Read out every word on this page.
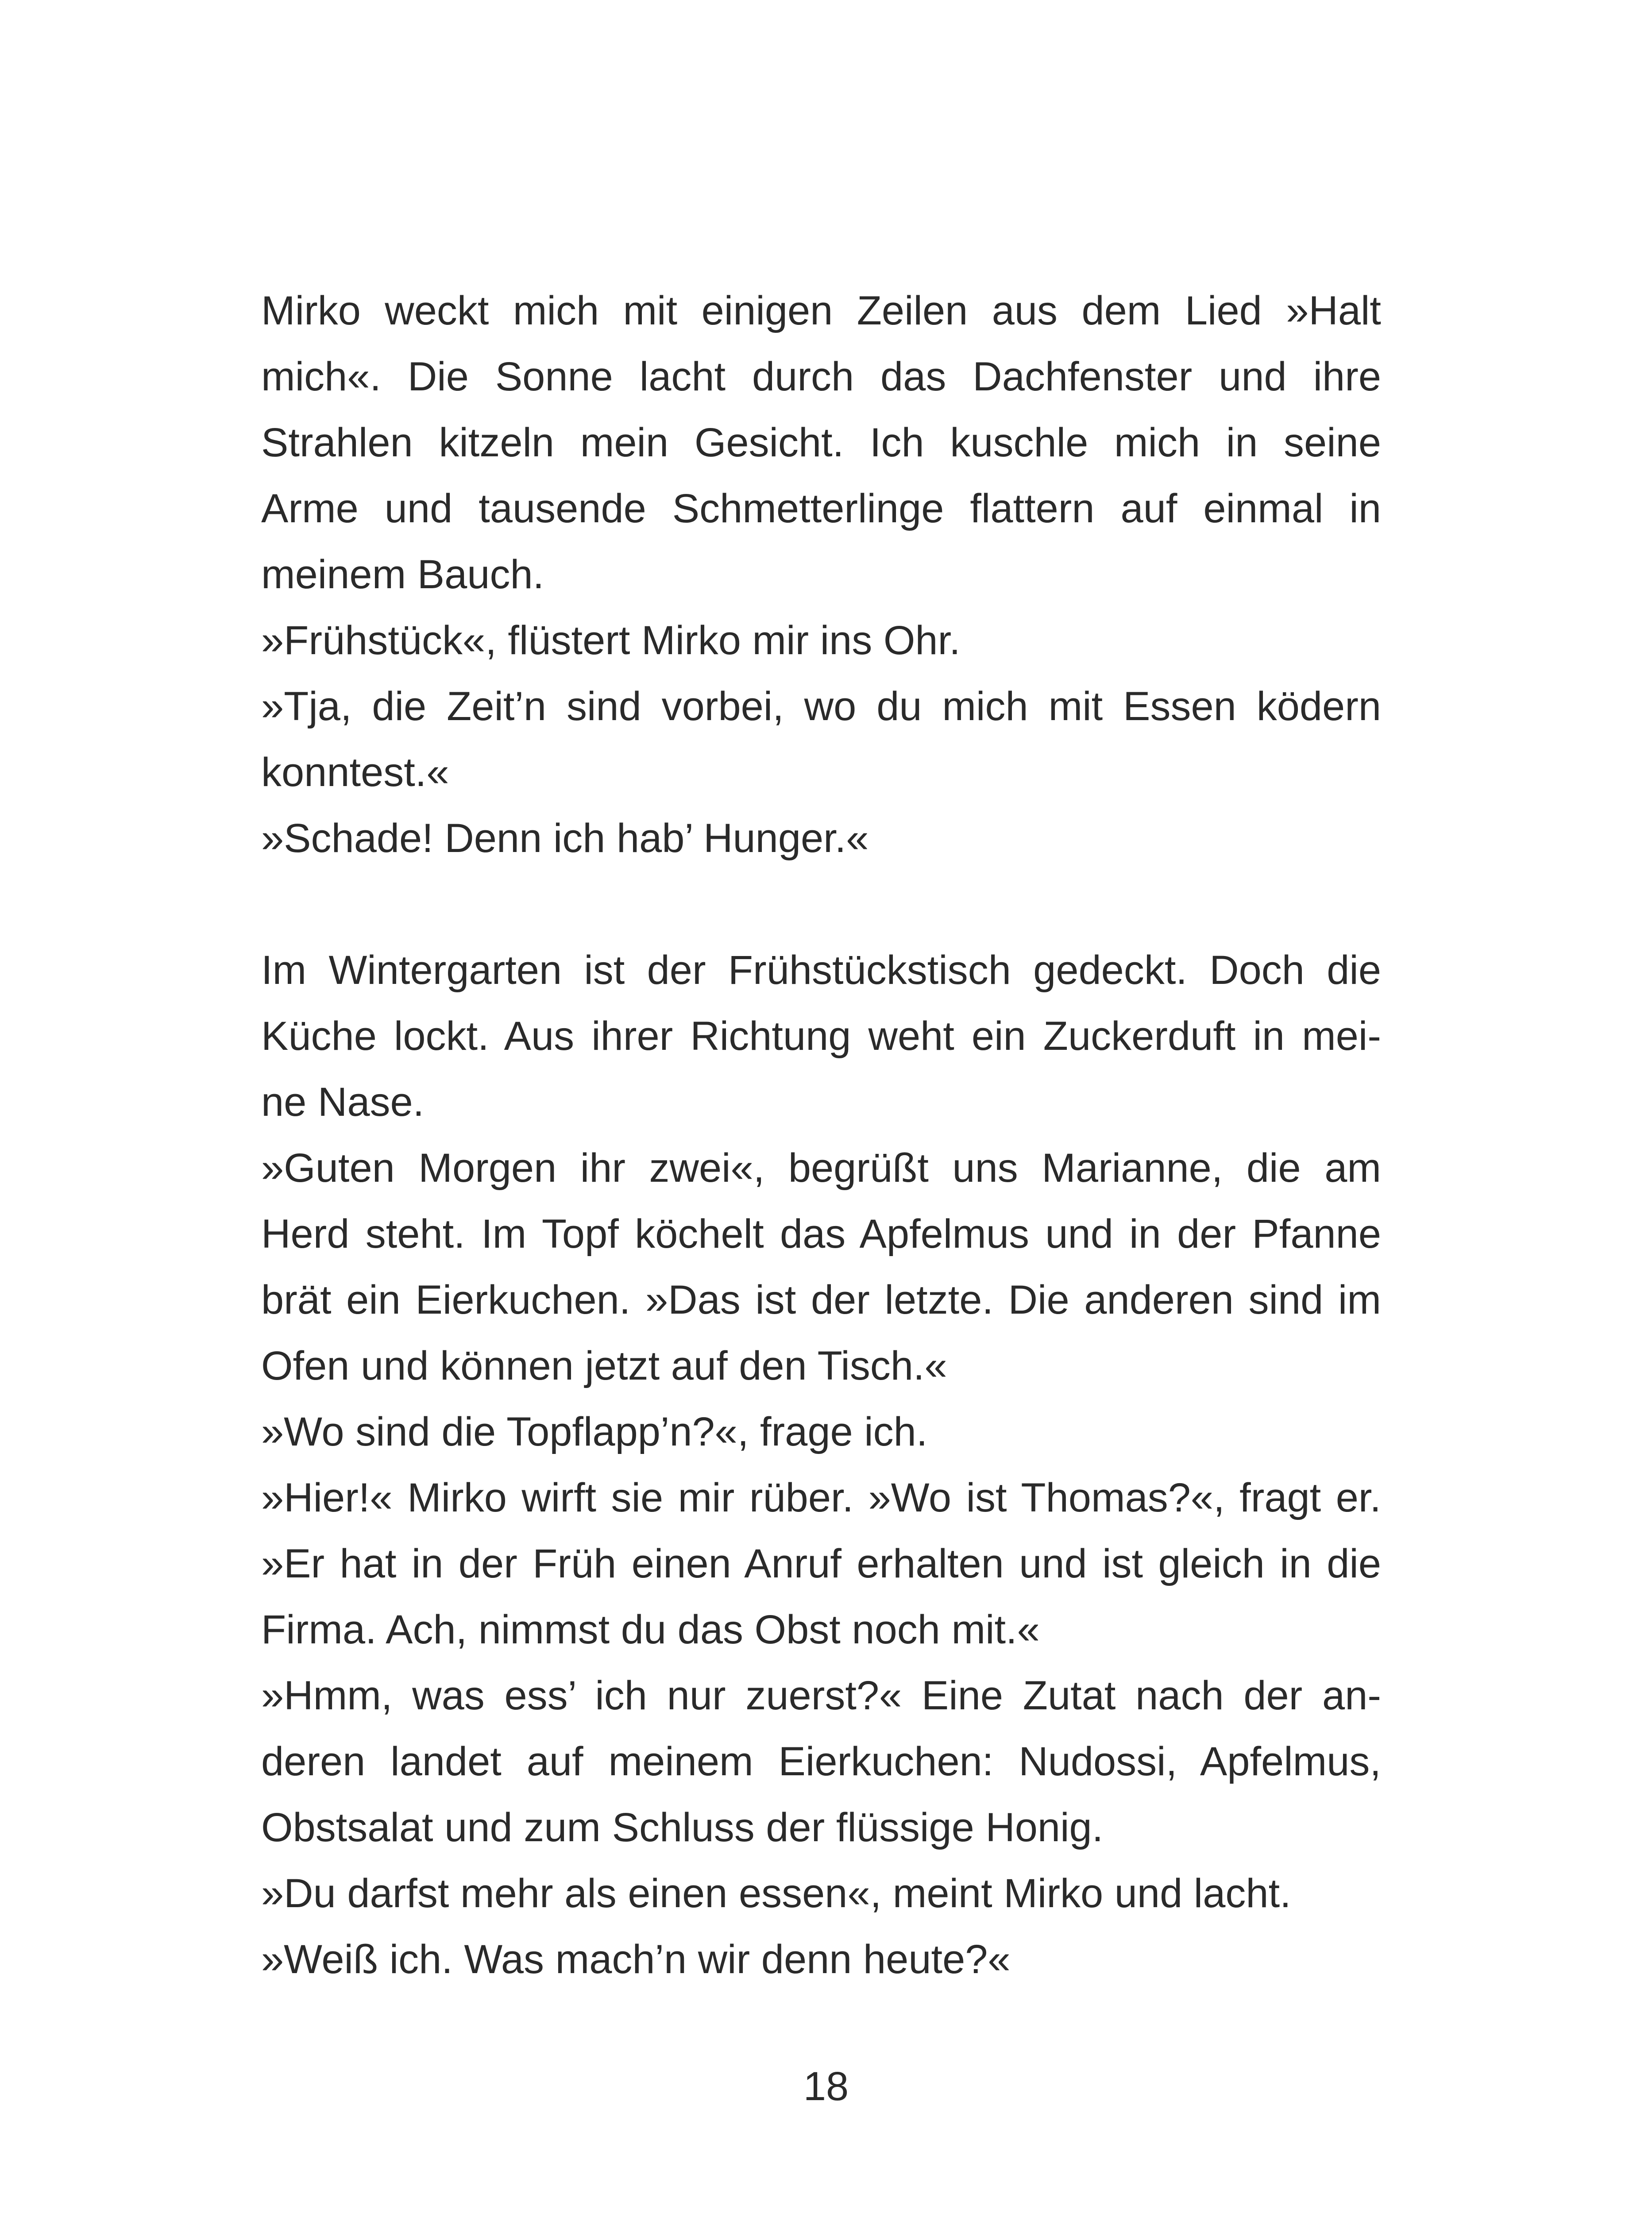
Mirko weckt mich mit einigen Zeilen aus dem Lied »Halt
mich«. Die Sonne lacht durch das Dachfenster und ihre
Strahlen kitzeln mein Gesicht. Ich kuschle mich in seine
Arme und tausende Schmetterlinge flattern auf einmal in
meinem Bauch.
»Frühstück«, flüstert Mirko mir ins Ohr.
»Tja, die Zeit’n sind vorbei, wo du mich mit Essen ködern
konntest.«
»Schade! Denn ich hab’ Hunger.«
Im Wintergarten ist der Frühstückstisch gedeckt. Doch die
Küche lockt. Aus ihrer Richtung weht ein Zuckerduft in mei-
ne Nase.
»Guten Morgen ihr zwei«, begrüßt uns Marianne, die am
Herd steht. Im Topf köchelt das Apfelmus und in der Pfanne
brät ein Eierkuchen. »Das ist der letzte. Die anderen sind im
Ofen und können jetzt auf den Tisch.«
»Wo sind die Topflapp’n?«, frage ich.
»Hier!« Mirko wirft sie mir rüber. »Wo ist Thomas?«, fragt er.
»Er hat in der Früh einen Anruf erhalten und ist gleich in die
Firma. Ach, nimmst du das Obst noch mit.«
»Hmm, was ess’ ich nur zuerst?« Eine Zutat nach der an-
deren landet auf meinem Eierkuchen: Nudossi, Apfelmus,
Obstsalat und zum Schluss der flüssige Honig.
»Du darfst mehr als einen essen«, meint Mirko und lacht.
»Weiß ich. Was mach’n wir denn heute?«
18
